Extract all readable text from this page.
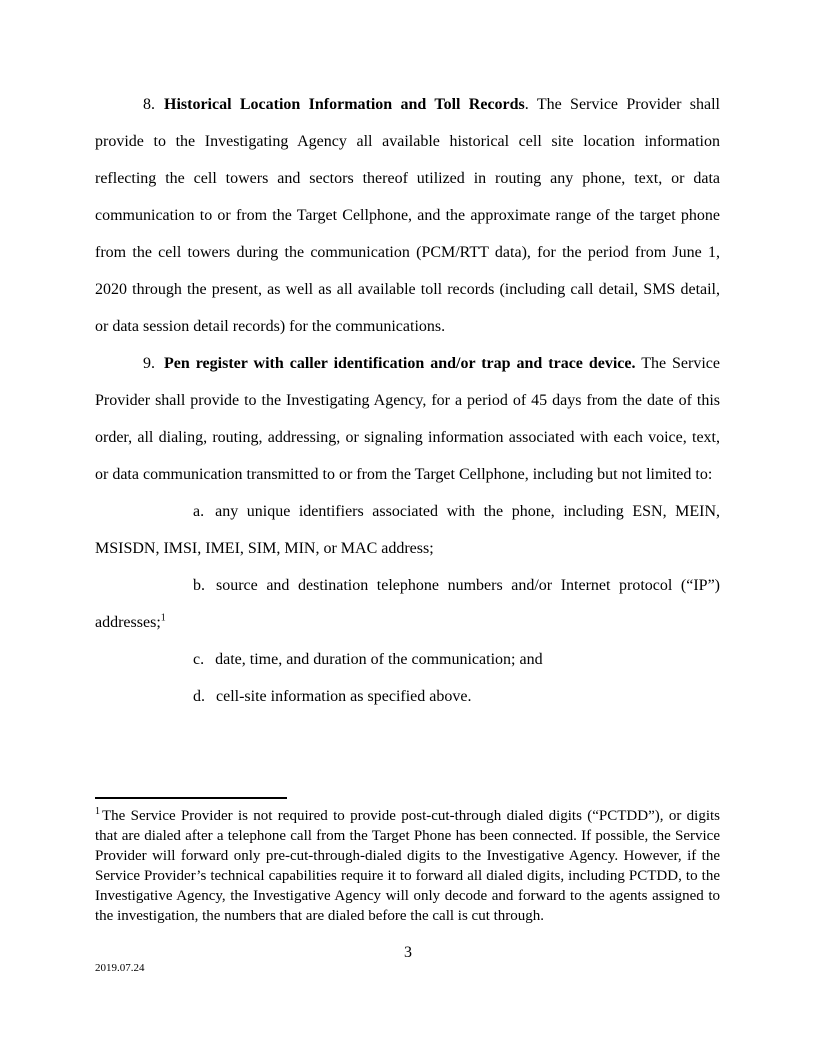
8. Historical Location Information and Toll Records. The Service Provider shall provide to the Investigating Agency all available historical cell site location information reflecting the cell towers and sectors thereof utilized in routing any phone, text, or data communication to or from the Target Cellphone, and the approximate range of the target phone from the cell towers during the communication (PCM/RTT data), for the period from June 1, 2020 through the present, as well as all available toll records (including call detail, SMS detail, or data session detail records) for the communications.

9. Pen register with caller identification and/or trap and trace device. The Service Provider shall provide to the Investigating Agency, for a period of 45 days from the date of this order, all dialing, routing, addressing, or signaling information associated with each voice, text, or data communication transmitted to or from the Target Cellphone, including but not limited to:

a. any unique identifiers associated with the phone, including ESN, MEIN, MSISDN, IMSI, IMEI, SIM, MIN, or MAC address;

b. source and destination telephone numbers and/or Internet protocol (“IP”) addresses;$^1$

c. date, time, and duration of the communication; and

d. cell-site information as specified above.

$^1$ The Service Provider is not required to provide post-cut-through dialed digits (“PCTDD”), or digits that are dialed after a telephone call from the Target Phone has been connected. If possible, the Service Provider will forward only pre-cut-through-dialed digits to the Investigative Agency. However, if the Service Provider’s technical capabilities require it to forward all dialed digits, including PCTDD, to the Investigative Agency, the Investigative Agency will only decode and forward to the agents assigned to the investigation, the numbers that are dialed before the call is cut through.

3
2019.07.24
